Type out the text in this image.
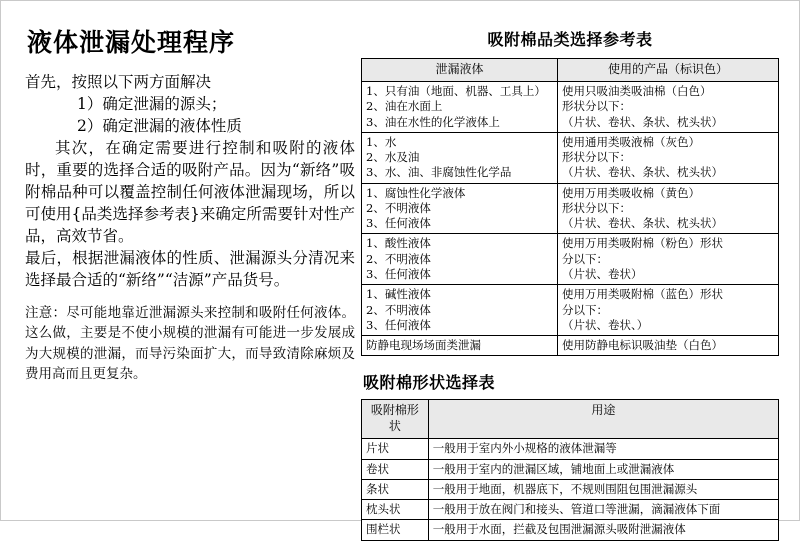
液体泄漏处理程序

首先，按照以下两方面解决
1）确定泄漏的源头；
2）确定泄漏的液体性质
其次，在确定需要进行控制和吸附的液体时，重要的选择合适的吸附产品。因为“新络”吸附棉品种可以覆盖控制任何液体泄漏现场，所以可使用{品类选择参考表}来确定所需要针对性产品，高效节省。
最后，根据泄漏液体的性质、泄漏源头分清况来选择最合适的“新络”“洁源”产品货号。

注意：尽可能地靠近泄漏源头来控制和吸附任何液体。这么做，主要是不使小规模的泄漏有可能进一步发展成为大规模的泄漏，而导污染面扩大，而导致清除麻烦及费用高而且更复杂。

吸附棉品类选择参考表

泄漏液体	使用的产品（标识色）

1、只有油（地面、机器、工具上）
2、油在水面上
3、油在水性的化学液体上	使用只吸油类吸油棉（白色）
形状分以下：
（片状、卷状、条状、枕头状）

1、水
2、水及油
3、水、油、非腐蚀性化学品	使用通用类吸液棉（灰色）
形状分以下：
（片状、卷状、条状、枕头状）

1、腐蚀性化学液体
2、不明液体
3、任何液体	使用万用类吸收棉（黄色）
形状分以下：
（片状、卷状、条状、枕头状）

1、酸性液体
2、不明液体
3、任何液体	使用万用类吸附棉（粉色）形状
分以下：
（片状、卷状）

1、碱性液体
2、不明液体
3、任何液体	使用万用类吸附棉（蓝色）形状
分以下：
（片状、卷状、）

防静电现场场面类泄漏	使用防静电标识吸油垫（白色）

吸附棉形状选择表

吸附棉形状	用途
片状	一般用于室内外小规格的液体泄漏等
卷状	一般用于室内的泄漏区域，铺地面上或泄漏液体
条状	一般用于地面，机器底下，不规则围阻包围泄漏源头
枕头状	一般用于放在阀门和接头、管道口等泄漏，滴漏液体下面
围栏状	一般用于水面，拦截及包围泄漏源头吸附泄漏液体
